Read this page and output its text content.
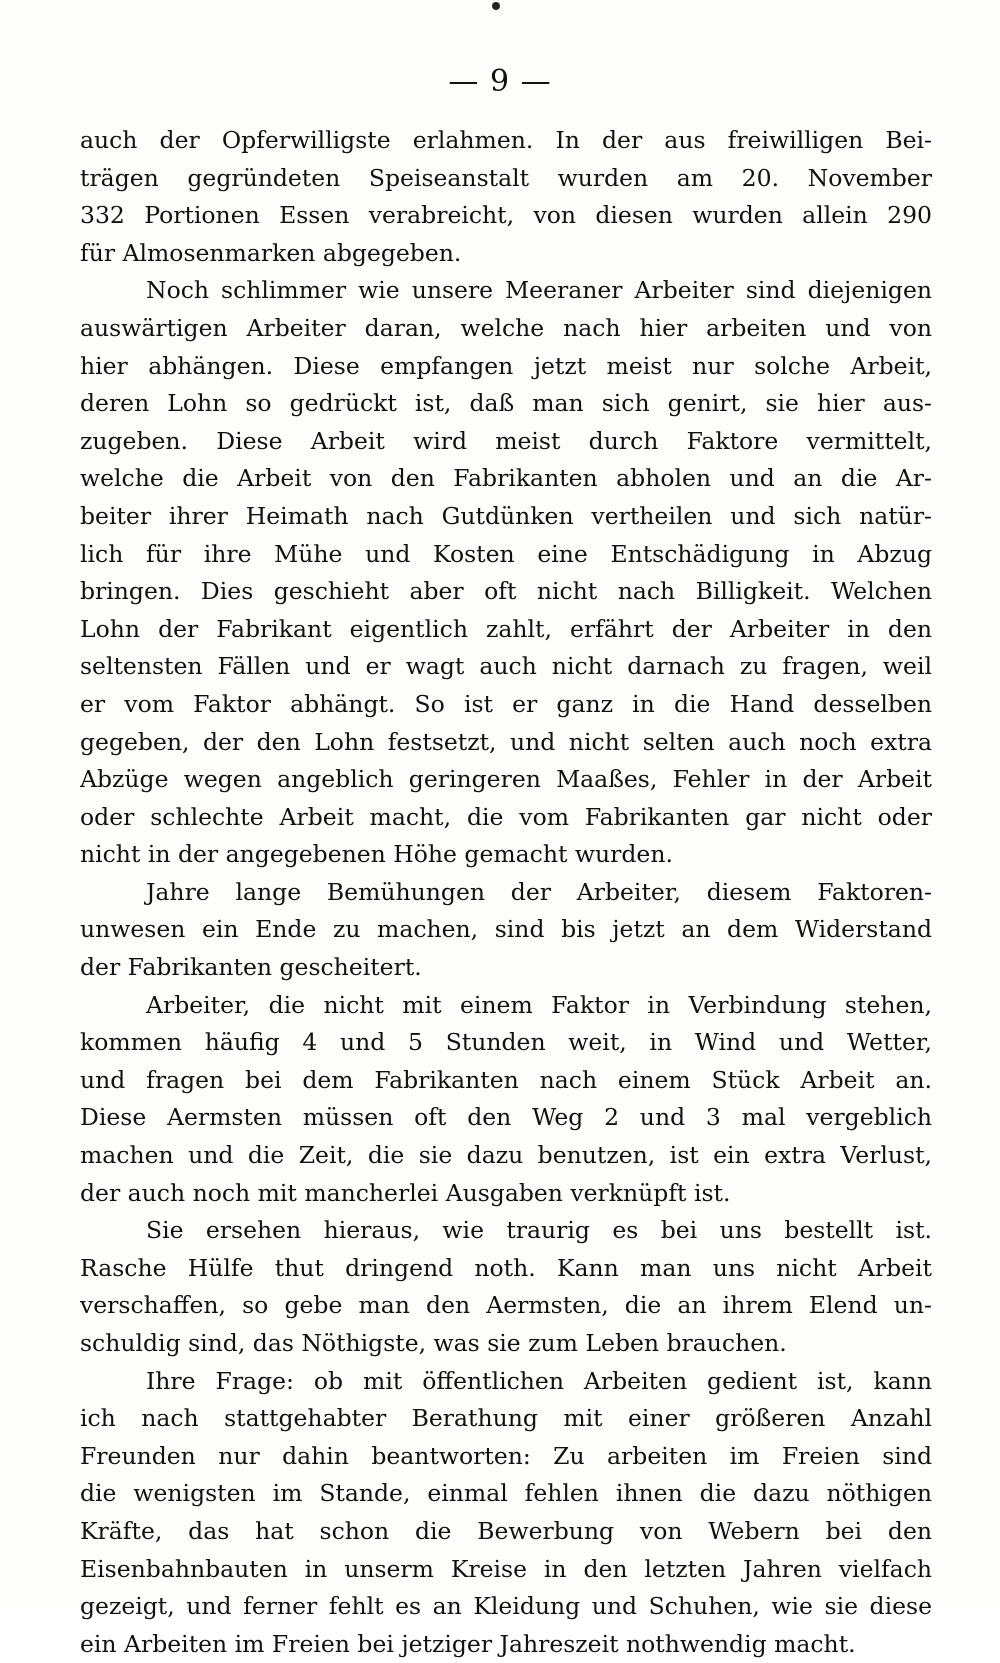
— 9 —
auch der Opferwilligste erlahmen. In der aus freiwilligen Bei-
trägen gegründeten Speiseanstalt wurden am 20. November
332 Portionen Essen verabreicht, von diesen wurden allein 290
für Almosenmarken abgegeben.
Noch schlimmer wie unsere Meeraner Arbeiter sind diejenigen
auswärtigen Arbeiter daran, welche nach hier arbeiten und von
hier abhängen. Diese empfangen jetzt meist nur solche Arbeit,
deren Lohn so gedrückt ist, daß man sich genirt, sie hier aus-
zugeben. Diese Arbeit wird meist durch Faktore vermittelt,
welche die Arbeit von den Fabrikanten abholen und an die Ar-
beiter ihrer Heimath nach Gutdünken vertheilen und sich natür-
lich für ihre Mühe und Kosten eine Entschädigung in Abzug
bringen. Dies geschieht aber oft nicht nach Billigkeit. Welchen
Lohn der Fabrikant eigentlich zahlt, erfährt der Arbeiter in den
seltensten Fällen und er wagt auch nicht darnach zu fragen, weil
er vom Faktor abhängt. So ist er ganz in die Hand desselben
gegeben, der den Lohn festsetzt, und nicht selten auch noch extra
Abzüge wegen angeblich geringeren Maaßes, Fehler in der Arbeit
oder schlechte Arbeit macht, die vom Fabrikanten gar nicht oder
nicht in der angegebenen Höhe gemacht wurden.
Jahre lange Bemühungen der Arbeiter, diesem Faktoren-
unwesen ein Ende zu machen, sind bis jetzt an dem Widerstand
der Fabrikanten gescheitert.
Arbeiter, die nicht mit einem Faktor in Verbindung stehen,
kommen häufig 4 und 5 Stunden weit, in Wind und Wetter,
und fragen bei dem Fabrikanten nach einem Stück Arbeit an.
Diese Aermsten müssen oft den Weg 2 und 3 mal vergeblich
machen und die Zeit, die sie dazu benutzen, ist ein extra Verlust,
der auch noch mit mancherlei Ausgaben verknüpft ist.
Sie ersehen hieraus, wie traurig es bei uns bestellt ist.
Rasche Hülfe thut dringend noth. Kann man uns nicht Arbeit
verschaffen, so gebe man den Aermsten, die an ihrem Elend un-
schuldig sind, das Nöthigste, was sie zum Leben brauchen.
Ihre Frage: ob mit öffentlichen Arbeiten gedient ist, kann
ich nach stattgehabter Berathung mit einer größeren Anzahl
Freunden nur dahin beantworten: Zu arbeiten im Freien sind
die wenigsten im Stande, einmal fehlen ihnen die dazu nöthigen
Kräfte, das hat schon die Bewerbung von Webern bei den
Eisenbahnbauten in unserm Kreise in den letzten Jahren vielfach
gezeigt, und ferner fehlt es an Kleidung und Schuhen, wie sie diese
ein Arbeiten im Freien bei jetziger Jahreszeit nothwendig macht.
